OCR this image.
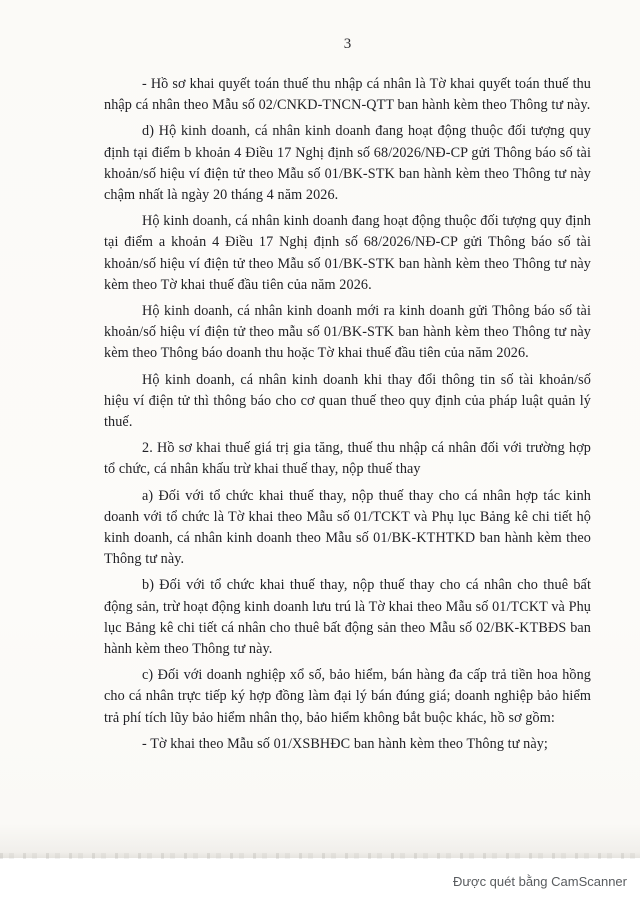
3

- Hồ sơ khai quyết toán thuế thu nhập cá nhân là Tờ khai quyết toán thuế thu nhập cá nhân theo Mẫu số 02/CNKD-TNCN-QTT ban hành kèm theo Thông tư này.

d) Hộ kinh doanh, cá nhân kinh doanh đang hoạt động thuộc đối tượng quy định tại điểm b khoản 4 Điều 17 Nghị định số 68/2026/NĐ-CP gửi Thông báo số tài khoản/số hiệu ví điện tử theo Mẫu số 01/BK-STK ban hành kèm theo Thông tư này chậm nhất là ngày 20 tháng 4 năm 2026.

Hộ kinh doanh, cá nhân kinh doanh đang hoạt động thuộc đối tượng quy định tại điểm a khoản 4 Điều 17 Nghị định số 68/2026/NĐ-CP gửi Thông báo số tài khoản/số hiệu ví điện tử theo Mẫu số 01/BK-STK ban hành kèm theo Thông tư này kèm theo Tờ khai thuế đầu tiên của năm 2026.

Hộ kinh doanh, cá nhân kinh doanh mới ra kinh doanh gửi Thông báo số tài khoản/số hiệu ví điện tử theo mẫu số 01/BK-STK ban hành kèm theo Thông tư này kèm theo Thông báo doanh thu hoặc Tờ khai thuế đầu tiên của năm 2026.

Hộ kinh doanh, cá nhân kinh doanh khi thay đổi thông tin số tài khoản/số hiệu ví điện tử thì thông báo cho cơ quan thuế theo quy định của pháp luật quản lý thuế.

2. Hồ sơ khai thuế giá trị gia tăng, thuế thu nhập cá nhân đối với trường hợp tổ chức, cá nhân khấu trừ khai thuế thay, nộp thuế thay

a) Đối với tổ chức khai thuế thay, nộp thuế thay cho cá nhân hợp tác kinh doanh với tổ chức là Tờ khai theo Mẫu số 01/TCKT và Phụ lục Bảng kê chi tiết hộ kinh doanh, cá nhân kinh doanh theo Mẫu số 01/BK-KTHTKD ban hành kèm theo Thông tư này.

b) Đối với tổ chức khai thuế thay, nộp thuế thay cho cá nhân cho thuê bất động sản, trừ hoạt động kinh doanh lưu trú là Tờ khai theo Mẫu số 01/TCKT và Phụ lục Bảng kê chi tiết cá nhân cho thuê bất động sản theo Mẫu số 02/BK-KTBĐS ban hành kèm theo Thông tư này.

c) Đối với doanh nghiệp xổ số, bảo hiểm, bán hàng đa cấp trả tiền hoa hồng cho cá nhân trực tiếp ký hợp đồng làm đại lý bán đúng giá; doanh nghiệp bảo hiểm trả phí tích lũy bảo hiểm nhân thọ, bảo hiểm không bắt buộc khác, hồ sơ gồm:

- Tờ khai theo Mẫu số 01/XSBHĐC ban hành kèm theo Thông tư này;

Được quét bằng CamScanner
